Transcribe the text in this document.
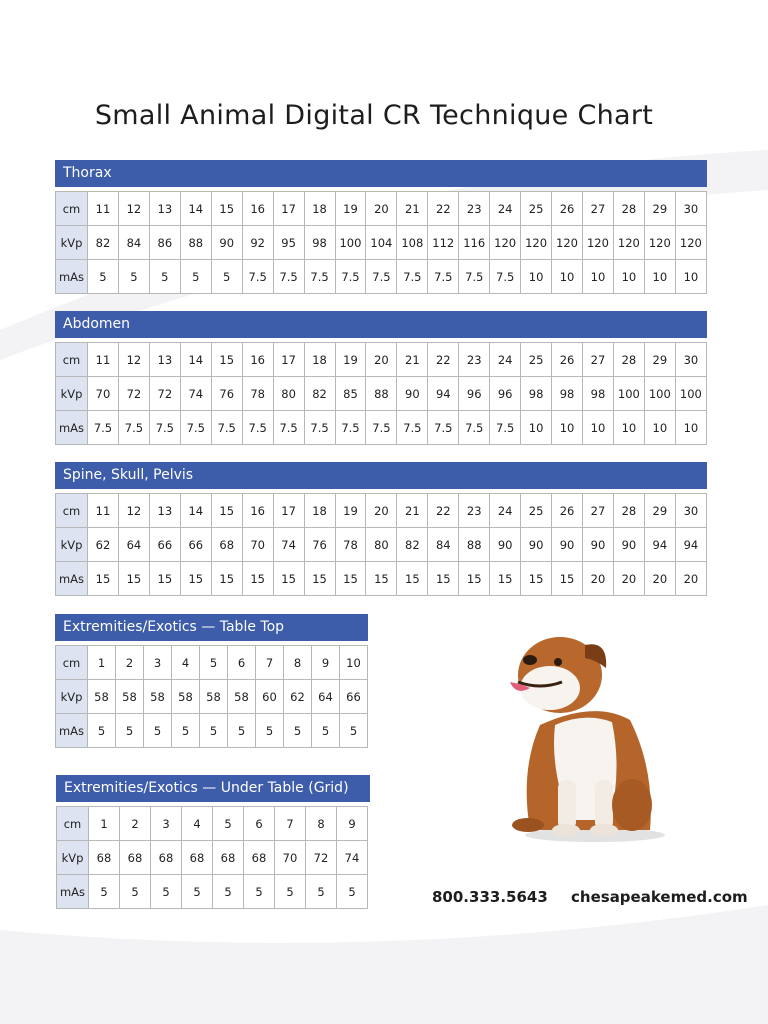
Small Animal Digital CR Technique Chart
Thorax
cm	11	12	13	14	15	16	17	18	19	20	21	22	23	24	25	26	27	28	29	30
kVp	82	84	86	88	90	92	95	98	100	104	108	112	116	120	120	120	120	120	120	120
mAs	5	5	5	5	5	7.5	7.5	7.5	7.5	7.5	7.5	7.5	7.5	7.5	10	10	10	10	10	10
Abdomen
cm	11	12	13	14	15	16	17	18	19	20	21	22	23	24	25	26	27	28	29	30
kVp	70	72	72	74	76	78	80	82	85	88	90	94	96	96	98	98	98	100	100	100
mAs	7.5	7.5	7.5	7.5	7.5	7.5	7.5	7.5	7.5	7.5	7.5	7.5	7.5	7.5	10	10	10	10	10	10
Spine, Skull, Pelvis
cm	11	12	13	14	15	16	17	18	19	20	21	22	23	24	25	26	27	28	29	30
kVp	62	64	66	66	68	70	74	76	78	80	82	84	88	90	90	90	90	90	94	94
mAs	15	15	15	15	15	15	15	15	15	15	15	15	15	15	15	15	20	20	20	20
Extremities/Exotics — Table Top
cm	1	2	3	4	5	6	7	8	9	10
kVp	58	58	58	58	58	58	60	62	64	66
mAs	5	5	5	5	5	5	5	5	5	5
Extremities/Exotics — Under Table (Grid)
cm	1	2	3	4	5	6	7	8	9
kVp	68	68	68	68	68	68	70	72	74
mAs	5	5	5	5	5	5	5	5	5	800.333.5643 chesapeakemed.com
